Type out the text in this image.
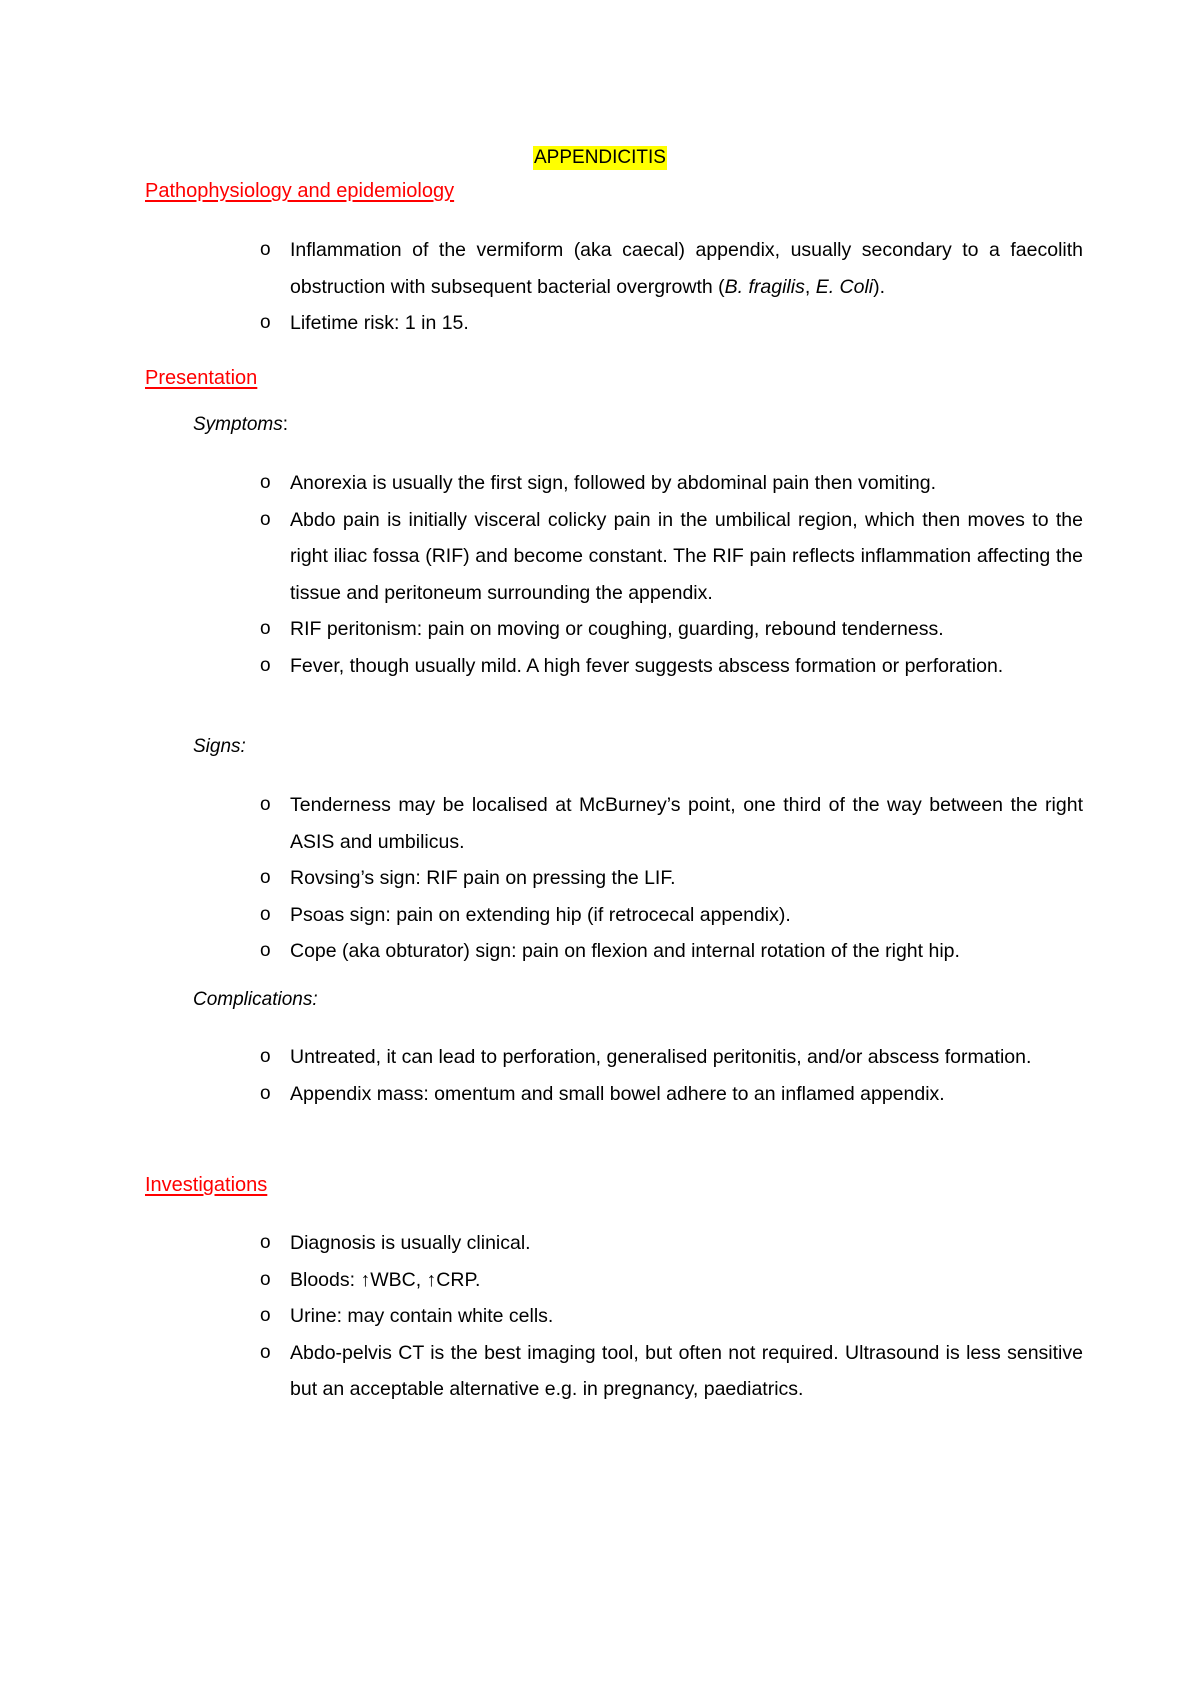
APPENDICITIS
Pathophysiology and epidemiology
o Inflammation of the vermiform (aka caecal) appendix, usually secondary to a faecolith obstruction with subsequent bacterial overgrowth (B. fragilis, E. Coli).
o Lifetime risk: 1 in 15.
Presentation
Symptoms:
o Anorexia is usually the first sign, followed by abdominal pain then vomiting.
o Abdo pain is initially visceral colicky pain in the umbilical region, which then moves to the right iliac fossa (RIF) and become constant. The RIF pain reflects inflammation affecting the tissue and peritoneum surrounding the appendix.
o RIF peritonism: pain on moving or coughing, guarding, rebound tenderness.
o Fever, though usually mild. A high fever suggests abscess formation or perforation.
Signs:
o Tenderness may be localised at McBurney’s point, one third of the way between the right ASIS and umbilicus.
o Rovsing’s sign: RIF pain on pressing the LIF.
o Psoas sign: pain on extending hip (if retrocecal appendix).
o Cope (aka obturator) sign: pain on flexion and internal rotation of the right hip.
Complications:
o Untreated, it can lead to perforation, generalised peritonitis, and/or abscess formation.
o Appendix mass: omentum and small bowel adhere to an inflamed appendix.
Investigations
o Diagnosis is usually clinical.
o Bloods: ↑WBC, ↑CRP.
o Urine: may contain white cells.
o Abdo-pelvis CT is the best imaging tool, but often not required. Ultrasound is less sensitive but an acceptable alternative e.g. in pregnancy, paediatrics.
